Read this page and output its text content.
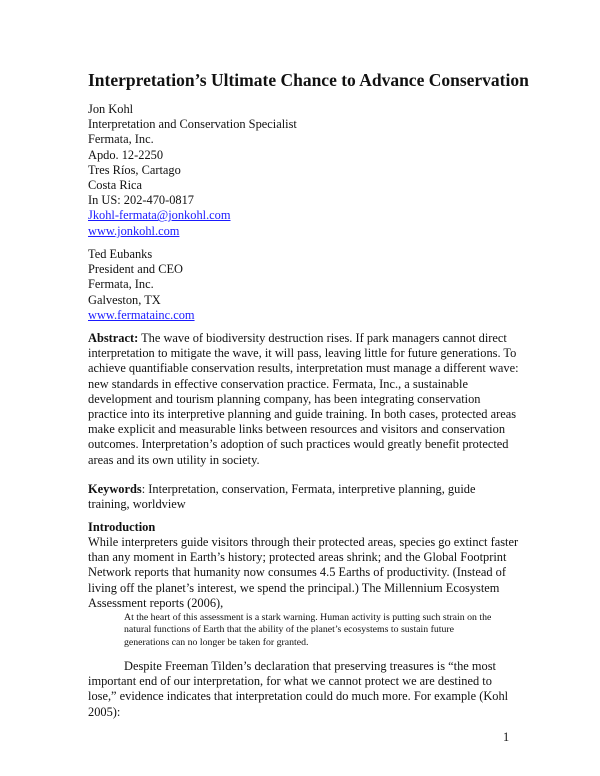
Interpretation’s Ultimate Chance to Advance Conservation
Jon Kohl
Interpretation and Conservation Specialist
Fermata, Inc.
Apdo. 12-2250
Tres Ríos, Cartago
Costa Rica
In US: 202-470-0817
Jkohl-fermata@jonkohl.com
www.jonkohl.com
Ted Eubanks
President and CEO
Fermata, Inc.
Galveston, TX
www.fermatainc.com
Abstract: The wave of biodiversity destruction rises. If park managers cannot direct interpretation to mitigate the wave, it will pass, leaving little for future generations. To achieve quantifiable conservation results, interpretation must manage a different wave: new standards in effective conservation practice. Fermata, Inc., a sustainable development and tourism planning company, has been integrating conservation practice into its interpretive planning and guide training. In both cases, protected areas make explicit and measurable links between resources and visitors and conservation outcomes. Interpretation’s adoption of such practices would greatly benefit protected areas and its own utility in society.
Keywords: Interpretation, conservation, Fermata, interpretive planning, guide training, worldview
Introduction
While interpreters guide visitors through their protected areas, species go extinct faster than any moment in Earth’s history; protected areas shrink; and the Global Footprint Network reports that humanity now consumes 4.5 Earths of productivity. (Instead of living off the planet’s interest, we spend the principal.) The Millennium Ecosystem Assessment reports (2006),
At the heart of this assessment is a stark warning. Human activity is putting such strain on the natural functions of Earth that the ability of the planet’s ecosystems to sustain future generations can no longer be taken for granted.
Despite Freeman Tilden’s declaration that preserving treasures is “the most important end of our interpretation, for what we cannot protect we are destined to lose,” evidence indicates that interpretation could do much more. For example (Kohl 2005):
1
